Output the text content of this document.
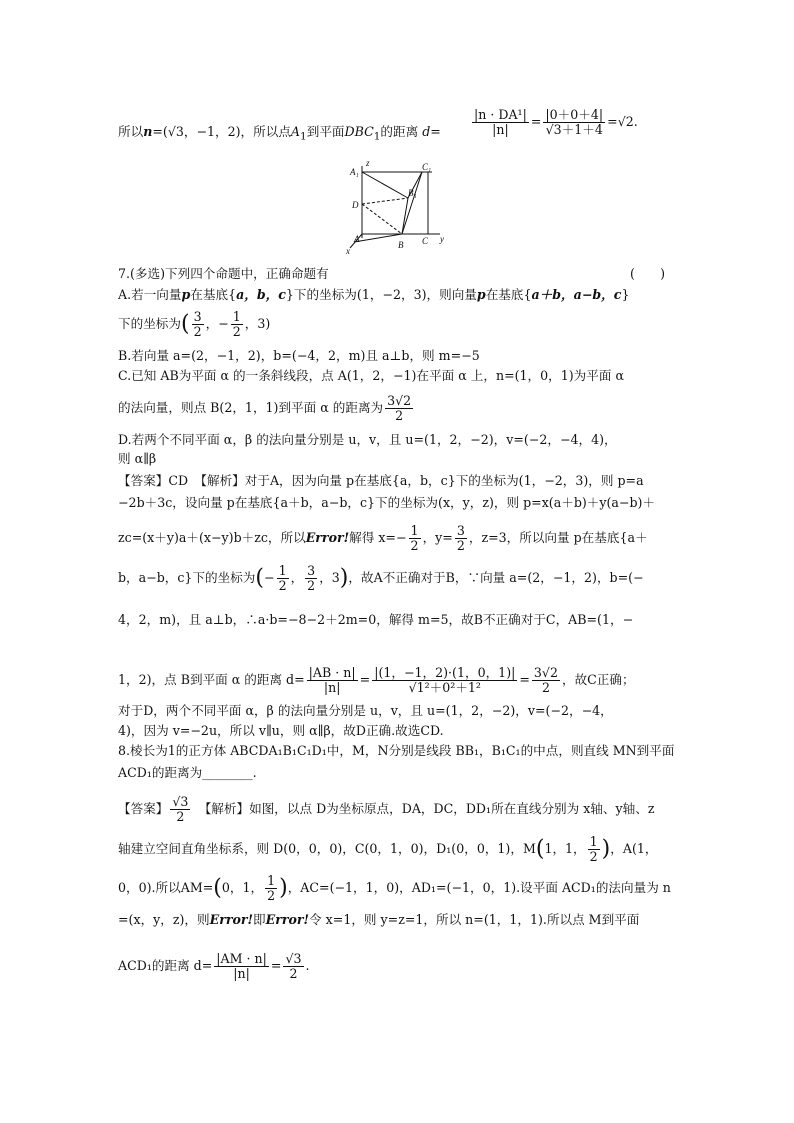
所以n=(√3，−1，2)，所以点$A_1$到平面$DBC_1$的距离 $d= \frac{\text{|n · DA¹|}}{|n|} = \frac{|0+0+4|}{√3+1+4} =√2$.
z
A₁	C₁
B₁
D
A
x
B C y
7.(多选)下列四个命题中，正确命题有	(　　)
A.若一向量p在基底{a，b，c}下的坐标为(1，−2，3)，则向量p在基底{a＋b，a−b，c}
下的坐标为( $\frac{3}{2}$ ，− $\frac{1}{2}$ ，3)
B.若向量 a=(2，−1，2)，b=(−4，2，m)且 a⊥b，则 m=−5
C.已知 AB为平面 α 的一条斜线段，点 A(1，2，−1)在平面 α 上，n=(1，0，1)为平面 α
的法向量，则点 B(2，1，1)到平面 α 的距离为 $\frac{3√2}{2}$
D.若两个不同平面 α，β 的法向量分别是 u，v，且 u=(1，2，−2)，v=(−2，−4，4)，
则 α∥β
【答案】CD　【解析】对于A，因为向量 p在基底{a，b，c}下的坐标为(1，−2，3)，则 p=a
−2b＋3c，设向量 p在基底{a＋b，a−b，c}下的坐标为(x，y，z)，则 p=x(a＋b)＋y(a−b)＋
zc=(x＋y)a＋(x−y)b＋zc，所以Error!解得 $x=- \frac{1}{2}$ ，$y= \frac{3}{2}$ ，z=3，所以向量 p在基底{a＋
b，a−b，c}下的坐标为(− $\frac{1}{2}$ ， $\frac{3}{2}$ ，3)，故A不正确对于B，∵向量 a=(2，−1，2)，b=(−
4，2，m)，且 a⊥b，∴a·b=−8−2＋2m=0，解得 m=5，故B不正确对于C，AB=(1，−
1，2)，点 B到平面 α 的距离 $d= \frac{|AB \cdot n|}{|n|} = \frac{|(1,-1,2)\cdot(1,0,1)|}{\text{√1²＋0²＋1²}} = \frac{3√2}{2}$ ，故C正确；
对于D，两个不同平面 α，β 的法向量分别是 u，v，且 u=(1，2，−2)，v=(−2，−4，
4)，因为 v=−2u，所以 v∥u，则 α∥β，故D正确.故选CD.
8.棱长为1的正方体 ABCDA₁B₁C₁D₁中，M，N分别是线段 BB₁，B₁C₁的中点，则直线 MN到平面
ACD₁的距离为________.
【答案】 $\frac{√3}{2}$ 　【解析】如图，以点 D为坐标原点，DA，DC，DD₁所在直线分别为 x轴、y轴、z
轴建立空间直角坐标系，则 D(0，0，0)，C(0，1，0)，D₁(0，0，1)，M(1，1， $\frac{1}{2}$ )，A(1，
0，0).所以AM=(0，1， $\frac{1}{2}$ )，AC=(−1，1，0)，AD₁=(−1，0，1).设平面 ACD₁的法向量为 n
=(x，y，z)，则Error!即Error!令 x=1，则 y=z=1，所以 n=(1，1，1).所以点 M到平面
ACD₁的距离 $d= \frac{|AM \cdot n|}{|n|} = \frac{√3}{2}$ .
